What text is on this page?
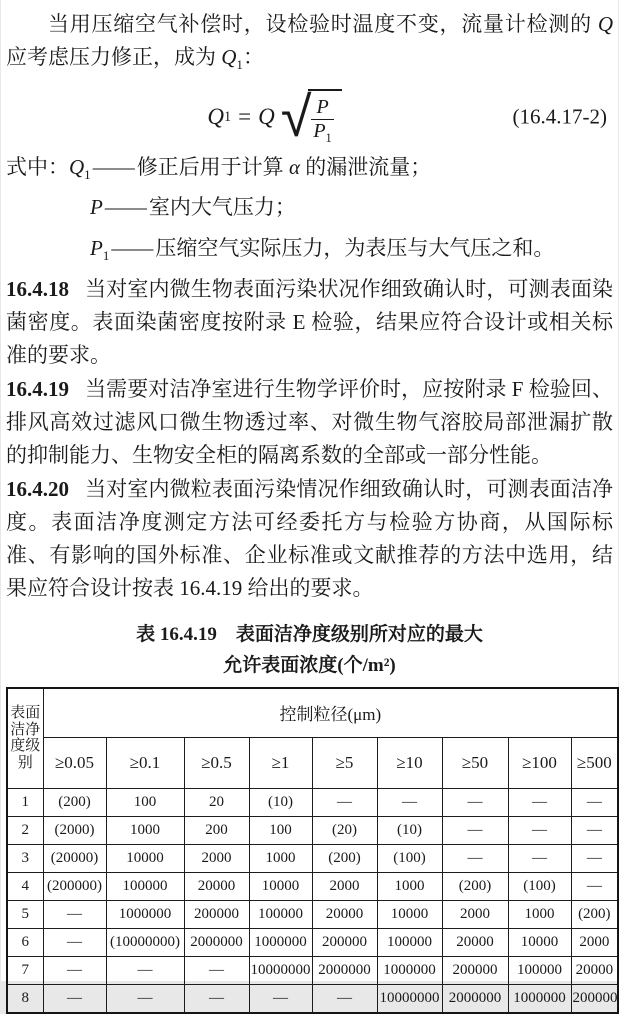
当用压缩空气补偿时，设检验时温度不变，流量计检测的 Q 应考虑压力修正，成为 $Q_1$：

Q 1 = Q √ $\frac{P}{P_1}$	(16.4.17-2)
式中：$Q_1——$修正后用于计算 α 的漏泄流量；
P——室内大气压力；
$P_1——$压缩空气实际压力，为表压与大气压之和。

16.4.18 当对室内微生物表面污染状况作细致确认时，可测表面染菌密度。表面染菌密度按附录 E 检验，结果应符合设计或相关标准的要求。

16.4.19 当需要对洁净室进行生物学评价时，应按附录 F 检验回、排风高效过滤风口微生物透过率、对微生物气溶胶局部泄漏扩散的抑制能力、生物安全柜的隔离系数的全部或一部分性能。

16.4.20 当对室内微粒表面污染情况作细致确认时，可测表面洁净度。表面洁净度测定方法可经委托方与检验方协商，从国际标准、有影响的国外标准、企业标准或文献推荐的方法中选用，结果应符合设计按表 16.4.19 给出的要求。

表 16.4.19　表面洁净度级别所对应的最大
允许表面浓度(个/m²)
表面
洁净
度级
别	控制粒径(μm)								
	≥0.05	≥0.1	≥0.5	≥1	≥5	≥10	≥50	≥100	≥500
1	(200)	100	20	(10)	—	—	—	—	—
2	(2000)	1000	200	100	(20)	(10)	—	—	—
3	(20000)	10000	2000	1000	(200)	(100)	—	—	—
4	(200000)	100000	20000	10000	2000	1000	(200)	(100)	—
5	—	1000000	200000	100000	20000	10000	2000	1000	(200)
6	—	(10000000)	2000000	1000000	200000	100000	20000	10000	2000
7	—	—	—	10000000	2000000	1000000	200000	100000	20000
8	—	—	—	—	—	10000000	2000000	1000000	200000
